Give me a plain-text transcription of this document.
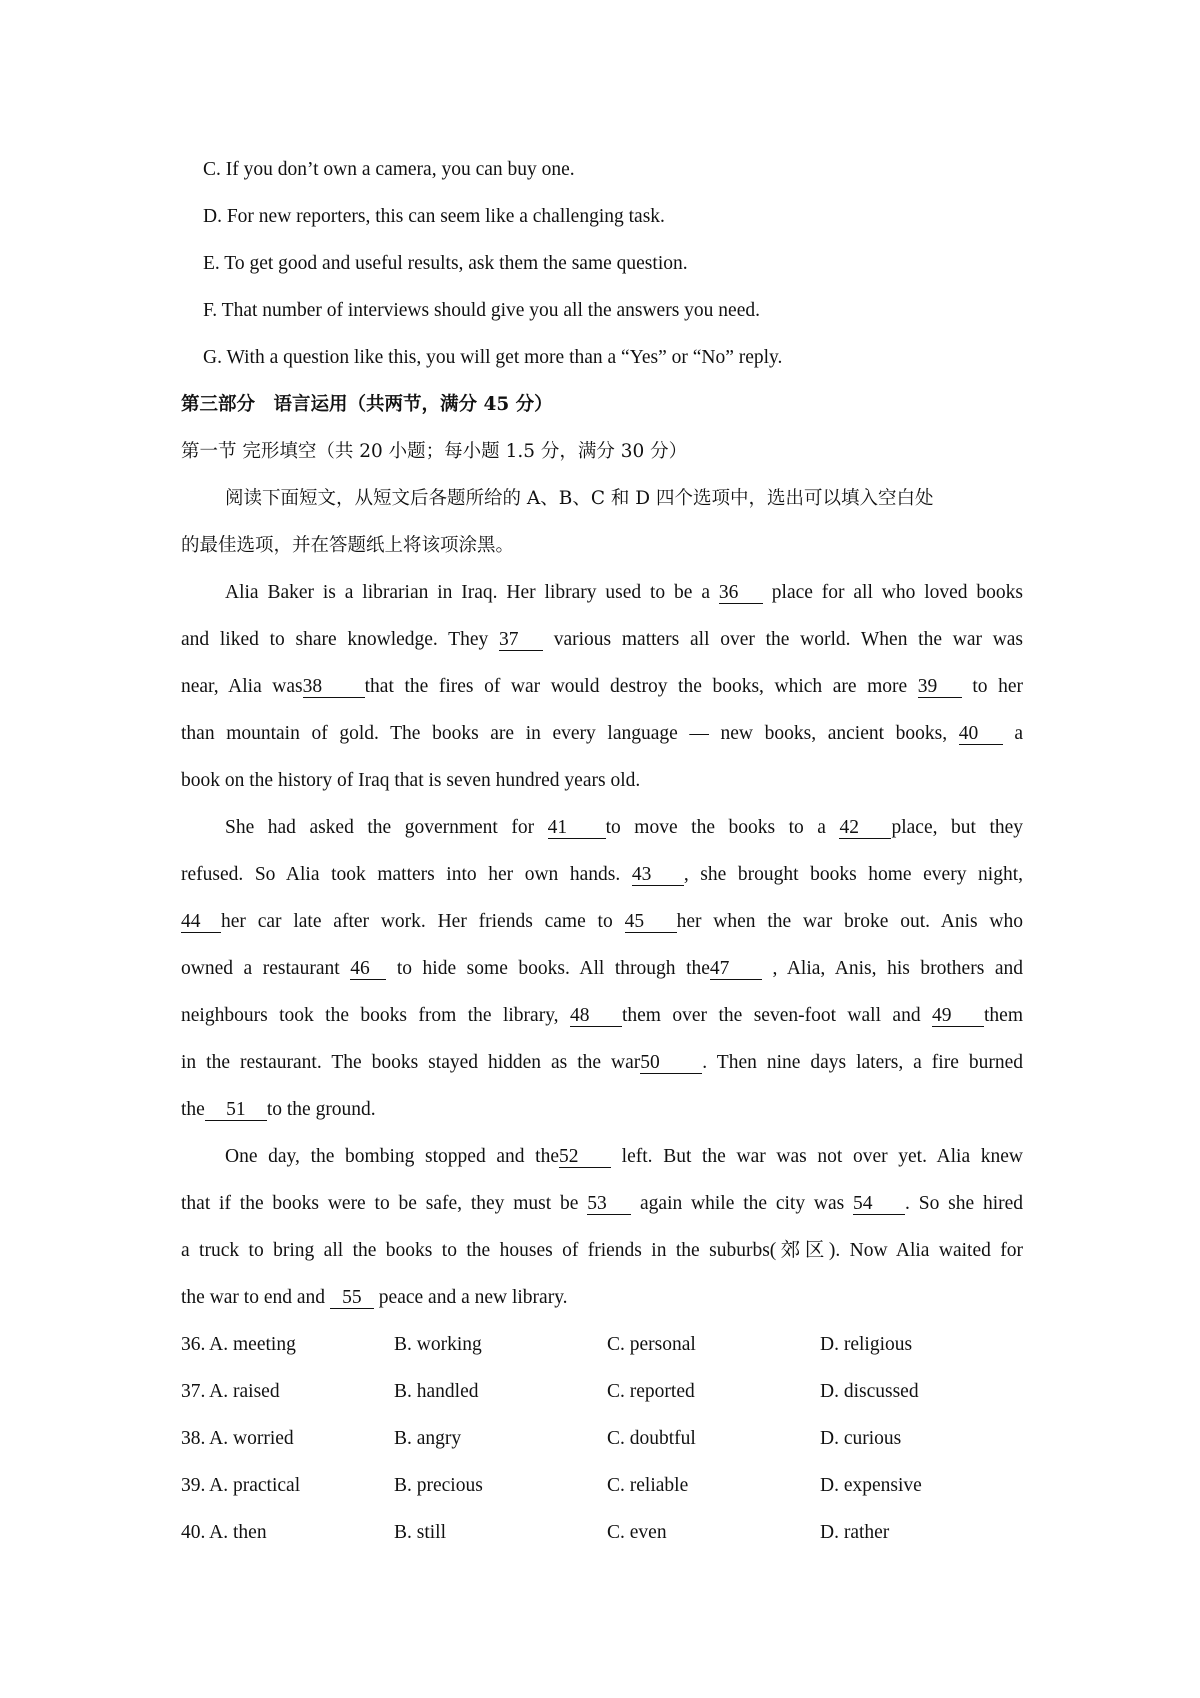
C. If you don’t own a camera, you can buy one.
D. For new reporters, this can seem like a challenging task.
E. To get good and useful results, ask them the same question.
F. That number of interviews should give you all the answers you need.
G. With a question like this, you will get more than a “Yes” or “No” reply.
第三部分　语言运用（共两节，满分 45 分）
第一节 完形填空（共 20 小题；每小题 1.5 分，满分 30 分）
阅读下面短文，从短文后各题所给的 A、B、C 和 D 四个选项中，选出可以填入空白处
的最佳选项，并在答题纸上将该项涂黑。
Alia Baker is a librarian in Iraq. Her library used to be a 36 place for all who loved books
and liked to share knowledge. They 37 various matters all over the world. When the war was
near, Alia was38 that the fires of war would destroy the books, which are more 39 to her
than mountain of gold. The books are in every language — new books, ancient books, 40 a
book on the history of Iraq that is seven hundred years old.
She had asked the government for 41 to move the books to a 42 place, but they
refused. So Alia took matters into her own hands. 43 , she brought books home every night,
44 her car late after work. Her friends came to 45 her when the war broke out. Anis who
owned a restaurant 46 to hide some books. All through the47 , Alia, Anis, his brothers and
neighbours took the books from the library, 48 them over the seven-foot wall and 49 them
in the restaurant. The books stayed hidden as the war50 . Then nine days laters, a fire burned
the 51 to the ground.
One day, the bombing stopped and the52 left. But the war was not over yet. Alia knew
that if the books were to be safe, they must be 53 again while the city was 54 . So she hired
a truck to bring all the books to the houses of friends in the suburbs(郊区). Now Alia waited for
the war to end and 55 peace and a new library.
36. A. meeting	B. working	C. personal	D. religious
37. A. raised	B. handled	C. reported	D. discussed
38. A. worried	B. angry	C. doubtful	D. curious
39. A. practical	B. precious	C. reliable	D. expensive
40. A. then	B. still	C. even	D. rather
